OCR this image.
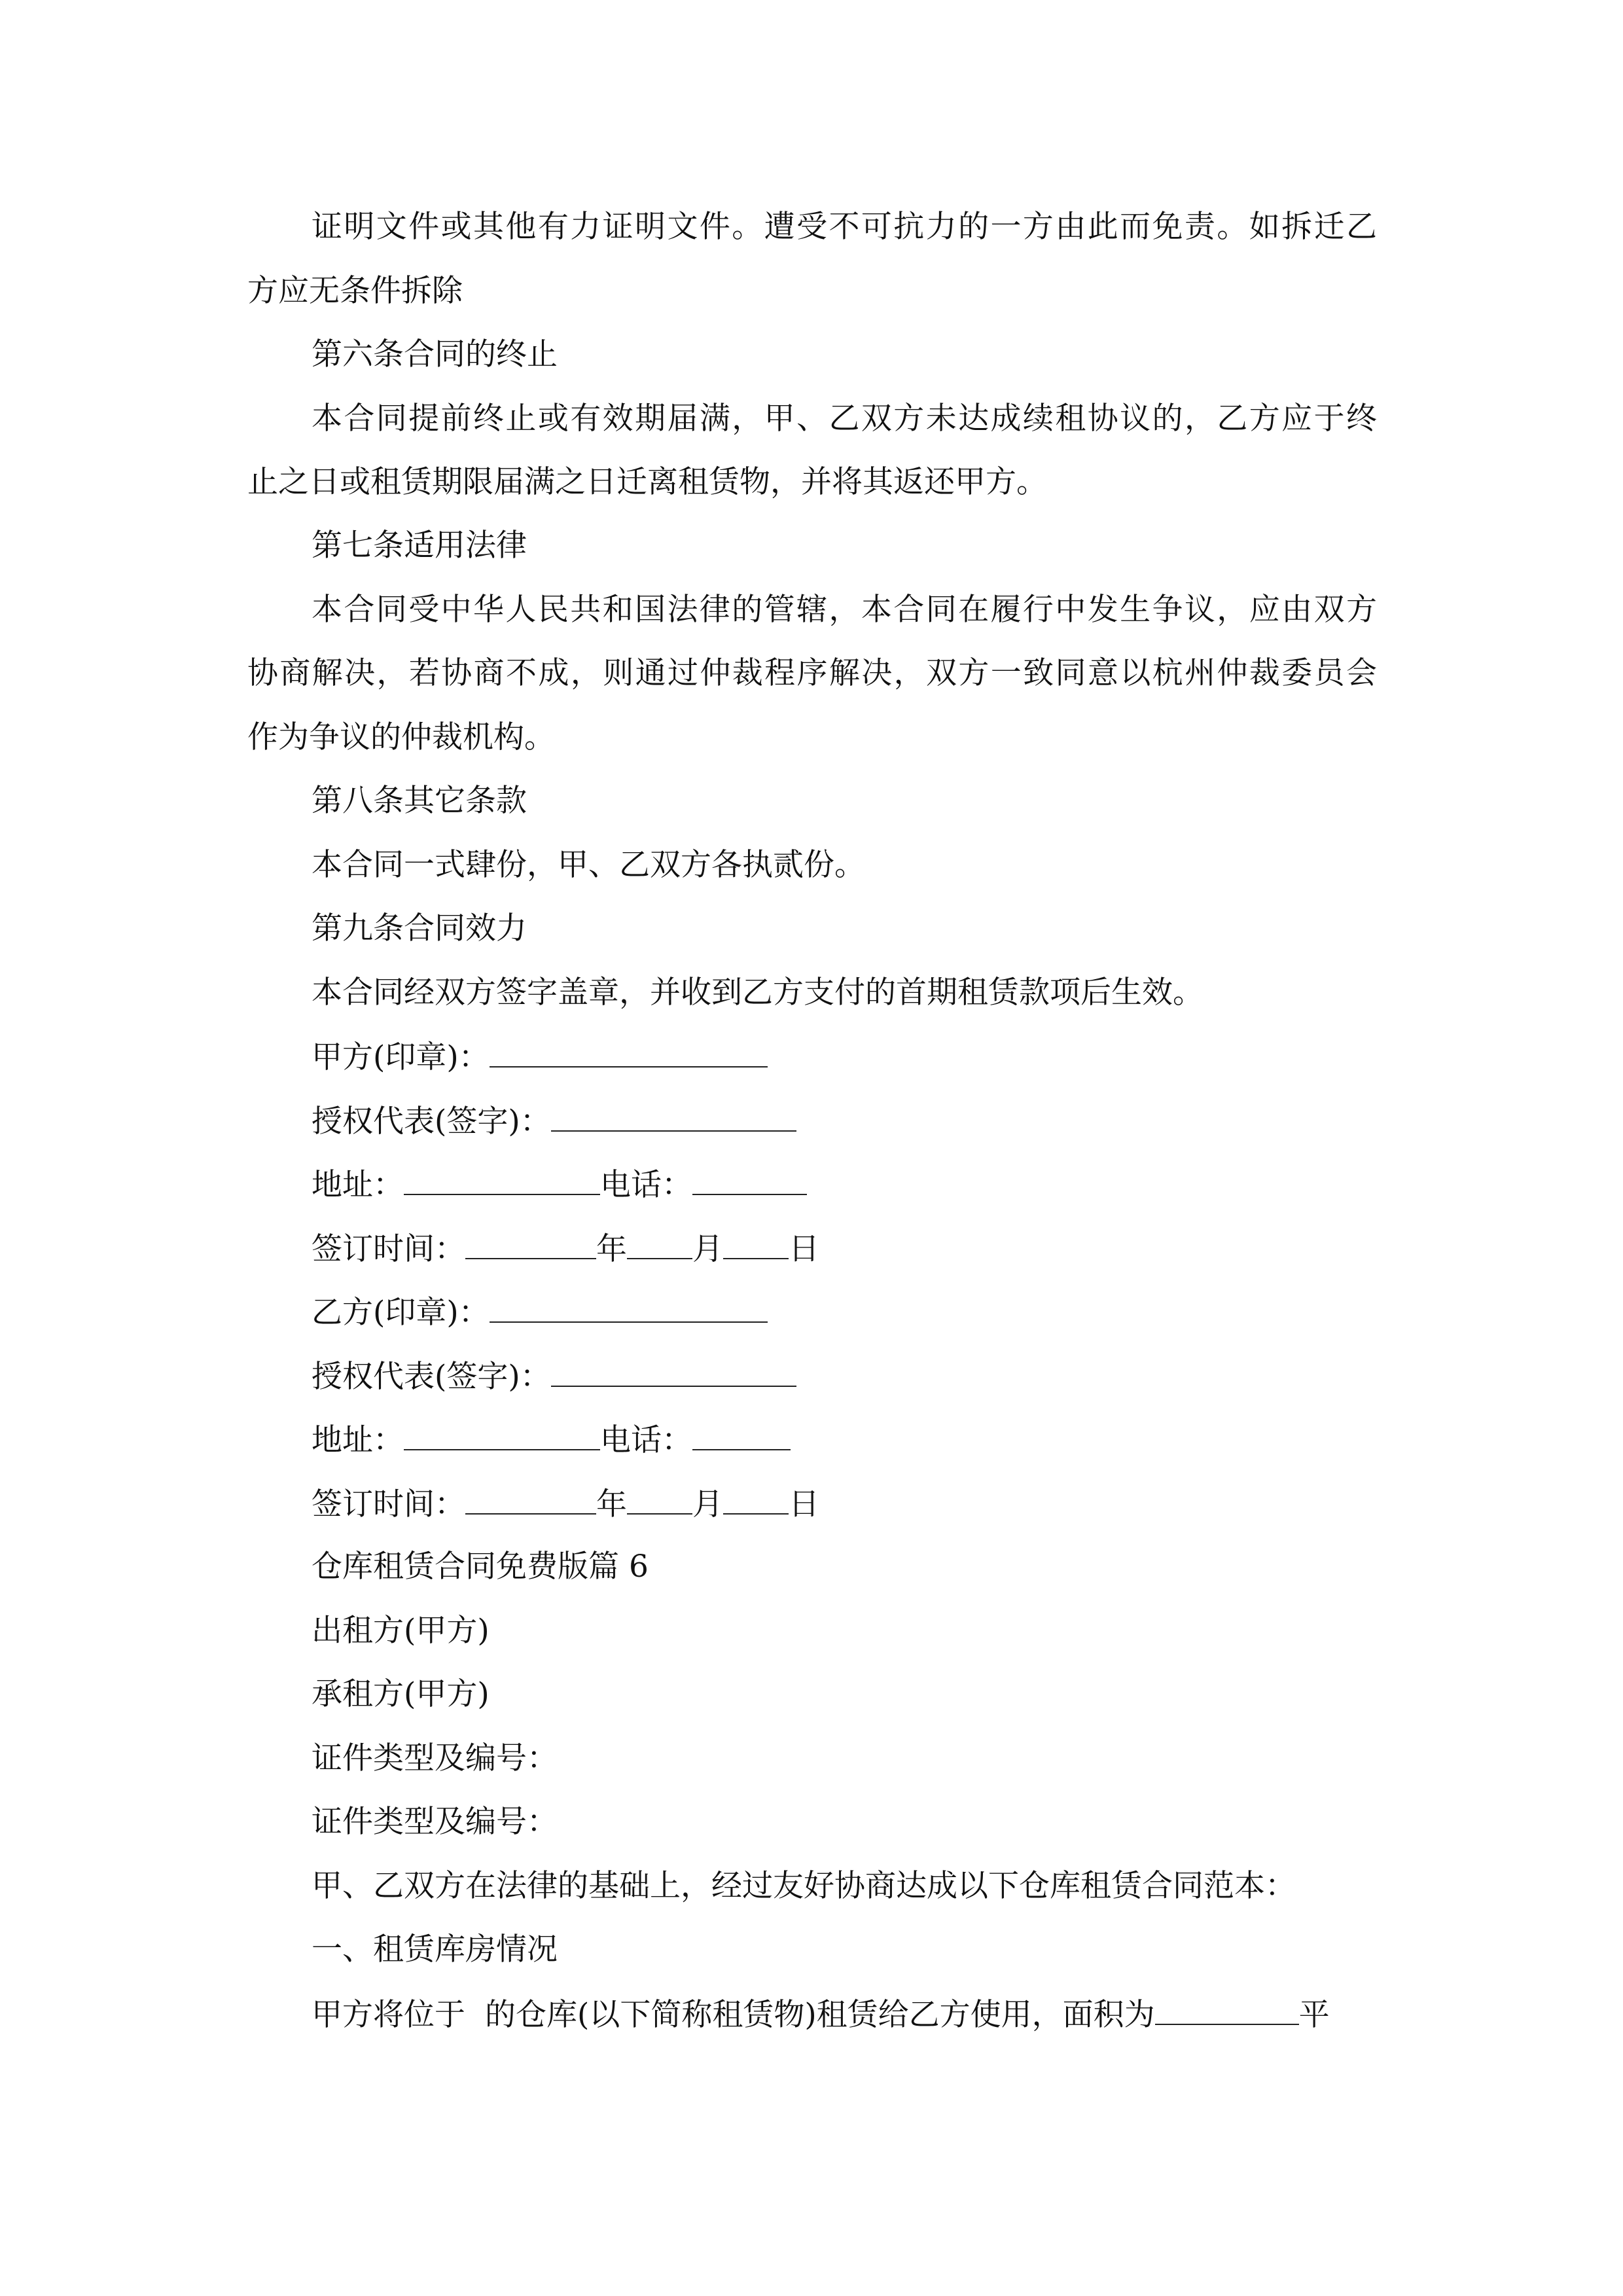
证明文件或其他有力证明文件。遭受不可抗力的一方由此而免责。如拆迁乙
方应无条件拆除
第六条合同的终止
本合同提前终止或有效期届满，甲、乙双方未达成续租协议的，乙方应于终
止之日或租赁期限届满之日迁离租赁物，并将其返还甲方。
第七条适用法律
本合同受中华人民共和国法律的管辖，本合同在履行中发生争议，应由双方
协商解决，若协商不成，则通过仲裁程序解决，双方一致同意以杭州仲裁委员会
作为争议的仲裁机构。
第八条其它条款
本合同一式肆份，甲、乙双方各执贰份。
第九条合同效力
本合同经双方签字盖章，并收到乙方支付的首期租赁款项后生效。
甲方(印章)：
授权代表(签字)：
地址：	电话：
签订时间：	年 月 日
乙方(印章)：
授权代表(签字)：
地址：	电话：
签订时间：	年 月 日
仓库租赁合同免费版篇 6
出租方(甲方)
承租方(甲方)
证件类型及编号：
证件类型及编号：
甲、乙双方在法律的基础上，经过友好协商达成以下仓库租赁合同范本：
一、租赁库房情况
甲方将位于 的仓库(以下简称租赁物)租赁给乙方使用，面积为	平
